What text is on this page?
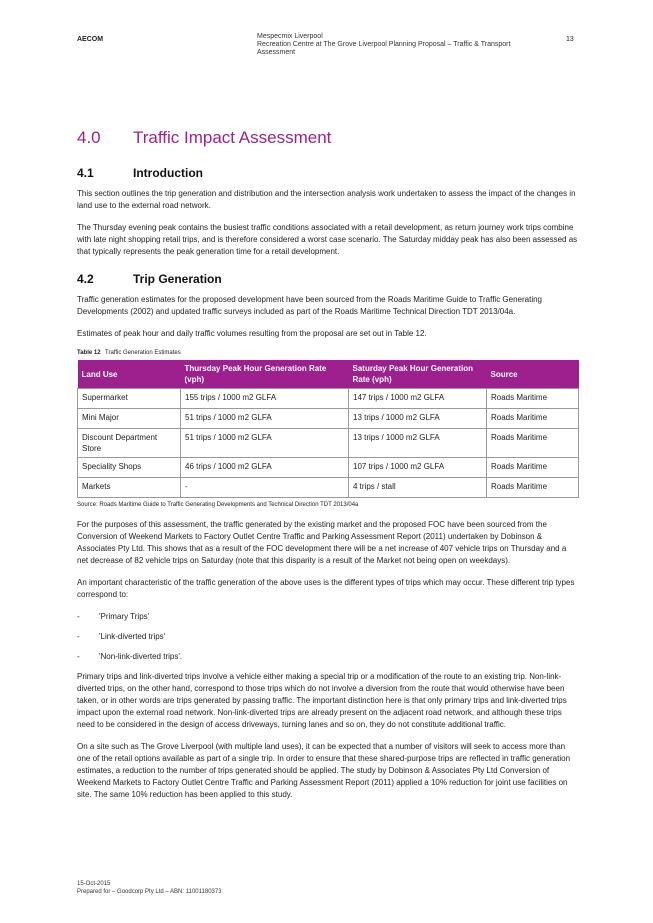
AECOM	Mespecmix Liverpool
Recreation Centre at The Grove Liverpool Planning Proposal – Traffic & Transport Assessment
13
4.0	Traffic Impact Assessment
4.1	Introduction

This section outlines the trip generation and distribution and the intersection analysis work undertaken to assess the impact of the changes in land use to the external road network.

The Thursday evening peak contains the busiest traffic conditions associated with a retail development, as return journey work trips combine with late night shopping retail trips, and is therefore considered a worst case scenario. The Saturday midday peak has also been assessed as that typically represents the peak generation time for a retail development.

4.2	Trip Generation

Traffic generation estimates for the proposed development have been sourced from the Roads Maritime Guide to Traffic Generating Developments (2002) and updated traffic surveys included as part of the Roads Maritime Technical Direction TDT 2013/04a.

Estimates of peak hour and daily traffic volumes resulting from the proposal are set out in Table 12.

Table 12 Traffic Generation Estimates
Land Use	Thursday Peak Hour Generation Rate (vph)	Saturday Peak Hour Generation Rate (vph)	Source
Supermarket	155 trips / 1000 m2 GLFA	147 trips / 1000 m2 GLFA	Roads Maritime
Mini Major	51 trips / 1000 m2 GLFA	13 trips / 1000 m2 GLFA	Roads Maritime
Discount Department Store	51 trips / 1000 m2 GLFA	13 trips / 1000 m2 GLFA	Roads Maritime
Speciality Shops	46 trips / 1000 m2 GLFA	107 trips / 1000 m2 GLFA	Roads Maritime
Markets	-	4 trips / stall	Roads Maritime
Source: Roads Maritime Guide to Traffic Generating Developments and Technical Direction TDT 2013/04a

For the purposes of this assessment, the traffic generated by the existing market and the proposed FOC have been sourced from the Conversion of Weekend Markets to Factory Outlet Centre Traffic and Parking Assessment Report (2011) undertaken by Dobinson & Associates Pty Ltd. This shows that as a result of the FOC development there will be a net increase of 407 vehicle trips on Thursday and a net decrease of 82 vehicle trips on Saturday (note that this disparity is a result of the Market not being open on weekdays).

An important characteristic of the traffic generation of the above uses is the different types of trips which may occur. These different trip types correspond to:

-	'Primary Trips'
-	'Link-diverted trips'
-	'Non-link-diverted trips'.

Primary trips and link-diverted trips involve a vehicle either making a special trip or a modification of the route to an existing trip. Non-link-diverted trips, on the other hand, correspond to those trips which do not involve a diversion from the route that would otherwise have been taken, or in other words are trips generated by passing traffic. The important distinction here is that only primary trips and link-diverted trips impact upon the external road network. Non-link-diverted trips are already present on the adjacent road network, and although these trips need to be considered in the design of access driveways, turning lanes and so on, they do not constitute additional traffic.

On a site such as The Grove Liverpool (with multiple land uses), it can be expected that a number of visitors will seek to access more than one of the retail options available as part of a single trip. In order to ensure that these shared-purpose trips are reflected in traffic generation estimates, a reduction to the number of trips generated should be applied. The study by Dobinson & Associates Pty Ltd Conversion of Weekend Markets to Factory Outlet Centre Traffic and Parking Assessment Report (2011) applied a 10% reduction for joint use facilities on site. The same 10% reduction has been applied to this study.

15-Oct-2015
Prepared for – Goodcorp Pty Ltd – ABN: 11001180373
